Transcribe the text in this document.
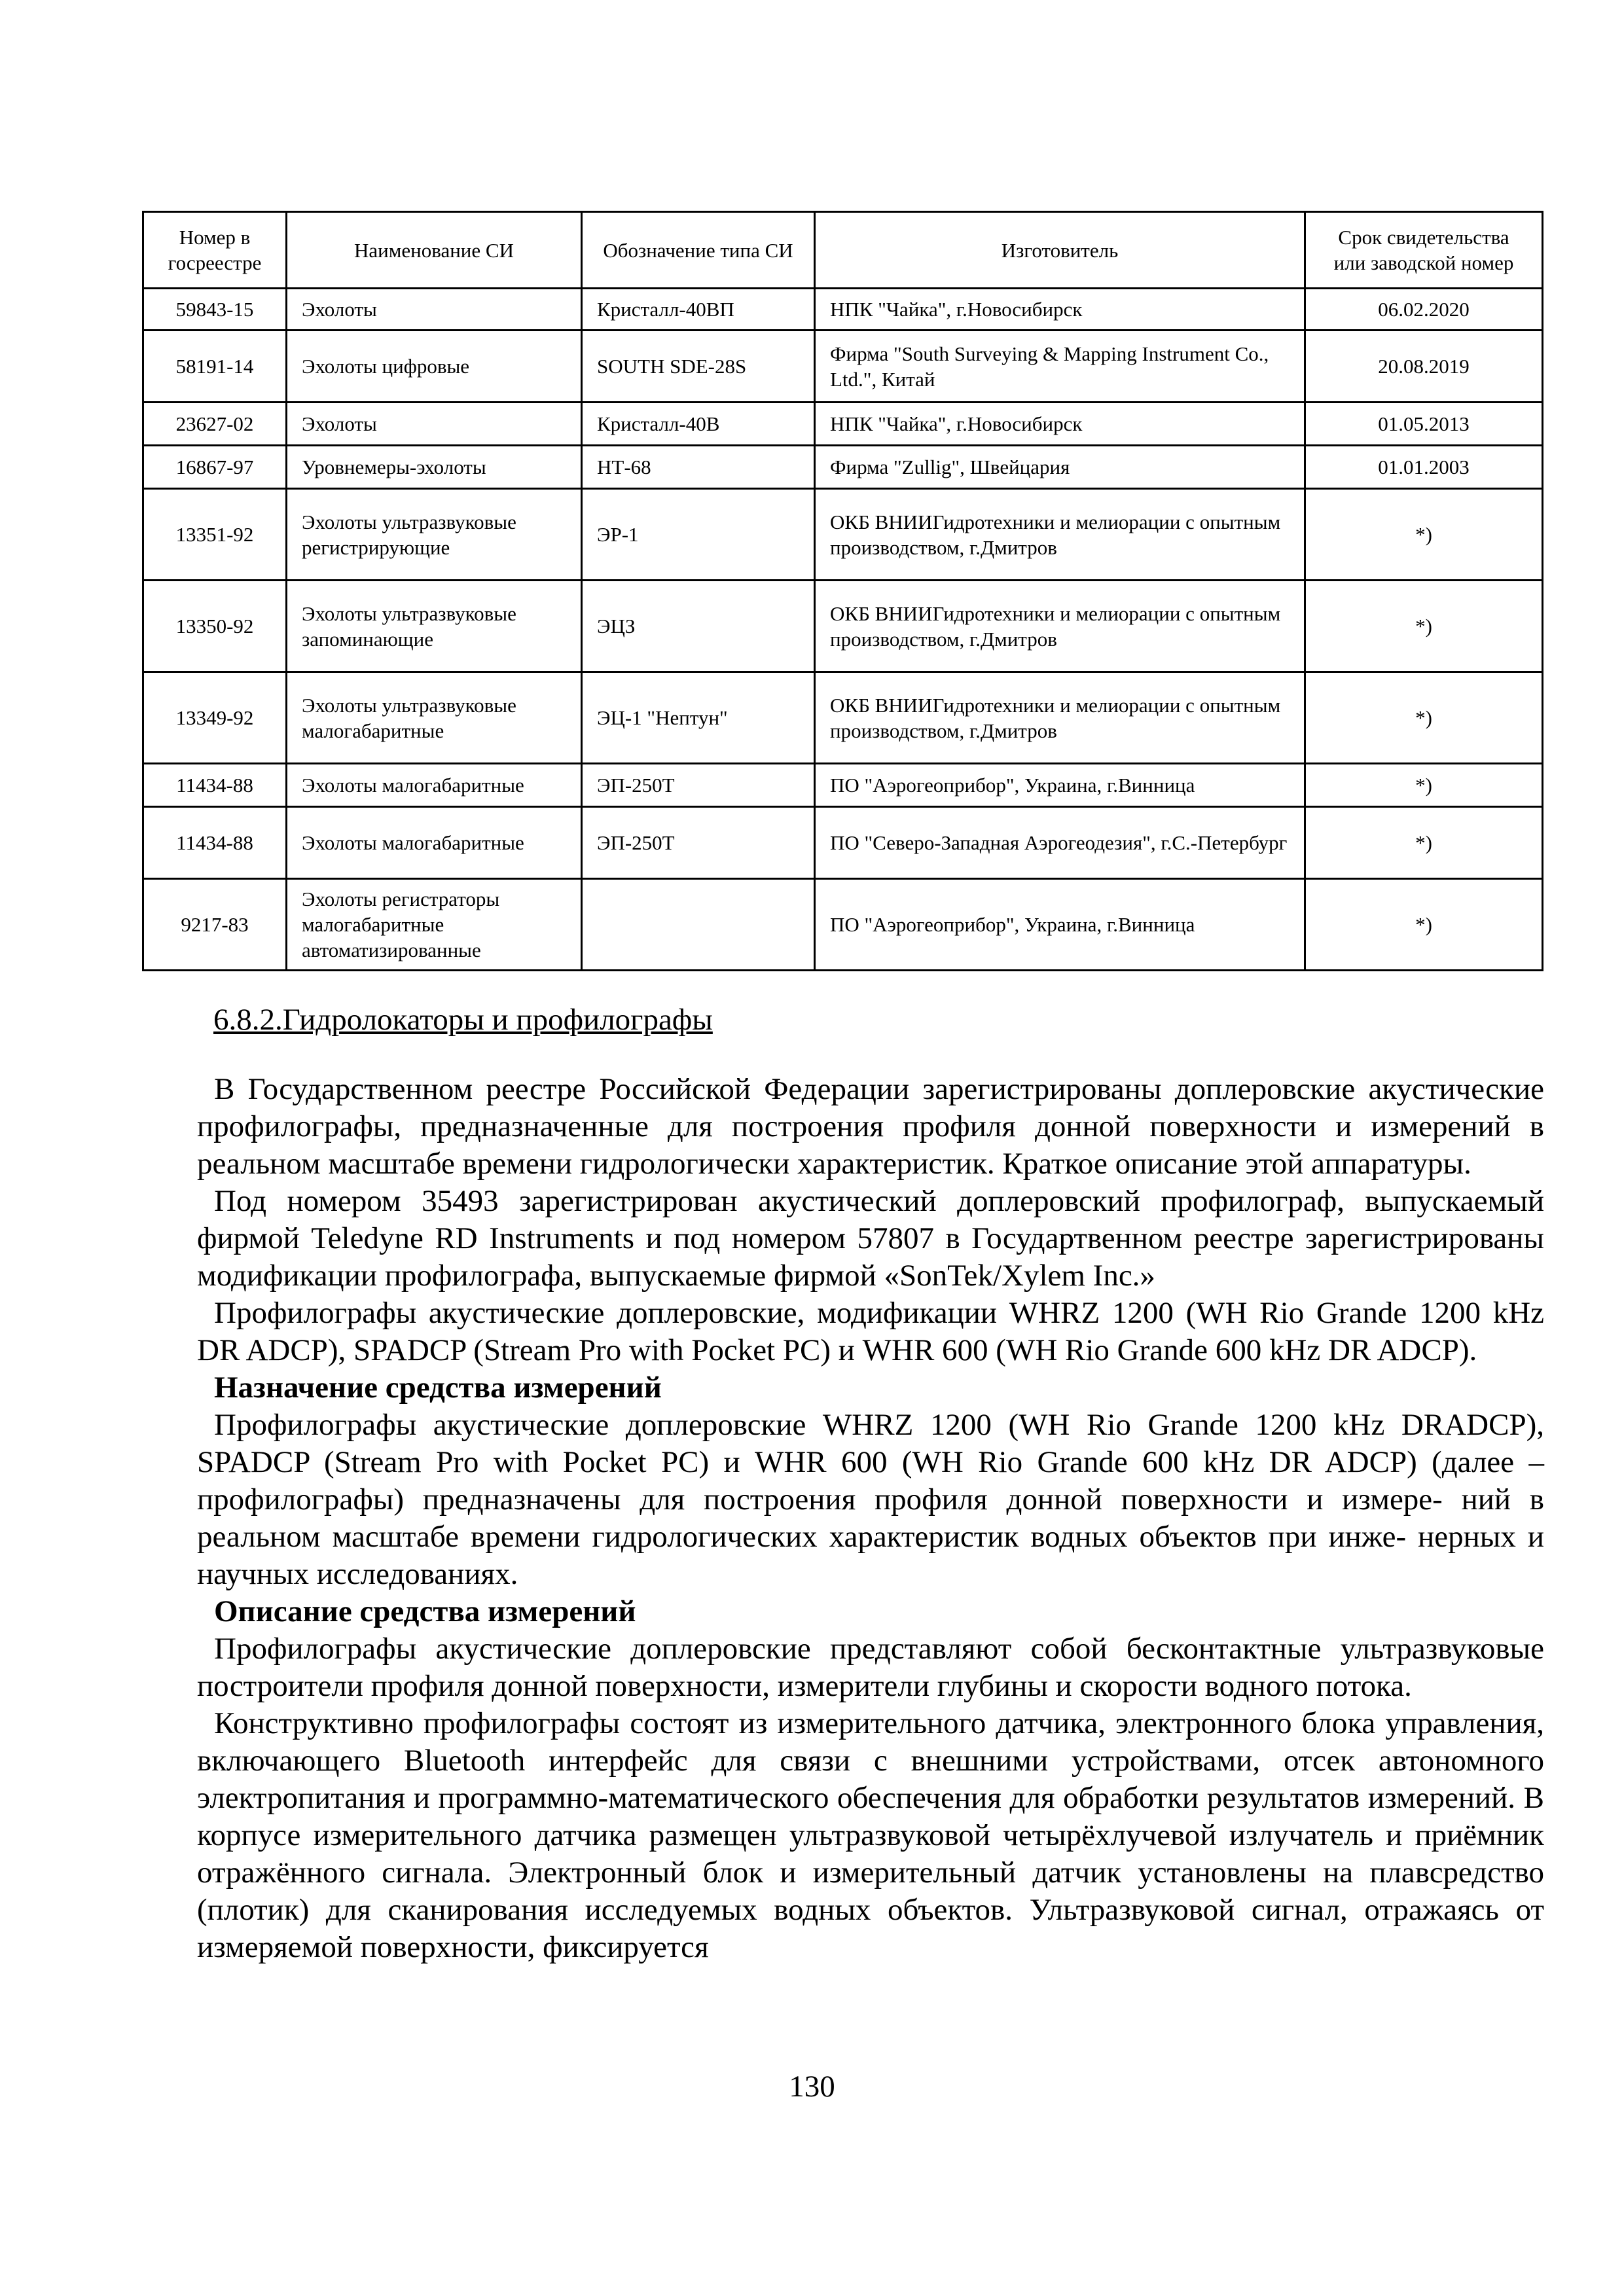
Номер в госреестре	Наименование СИ	Обозначение типа СИ	Изготовитель	Срок свидетельства или заводской номер
59843-15	Эхолоты	Кристалл-40ВП	НПК "Чайка", г.Новосибирск	06.02.2020
58191-14	Эхолоты цифровые	SOUTH SDE-28S	Фирма "South Surveying & Mapping Instrument Co., Ltd.", Китай	20.08.2019
23627-02	Эхолоты	Кристалл-40В	НПК "Чайка", г.Новосибирск	01.05.2013
16867-97	Уровнемеры-эхолоты	НТ-68	Фирма "Zullig", Швейцария	01.01.2003
13351-92	Эхолоты ультразвуковые регистрирующие	ЭР-1	ОКБ ВНИИГидротехники и мелиорации с опытным производством, г.Дмитров	*)
13350-92	Эхолоты ультразвуковые запоминающие	ЭЦЗ	ОКБ ВНИИГидротехники и мелиорации с опытным производством, г.Дмитров	*)
13349-92	Эхолоты ультразвуковые малогабаритные	ЭЦ-1 "Нептун"	ОКБ ВНИИГидротехники и мелиорации с опытным производством, г.Дмитров	*)
11434-88	Эхолоты малогабаритные	ЭП-250Т	ПО "Аэрогеоприбор", Украина, г.Винница	*)
11434-88	Эхолоты малогабаритные	ЭП-250Т	ПО "Северо-Западная Аэрогеодезия", г.С.-Петербург	*)
9217-83	Эхолоты регистраторы малогабаритные автоматизированные		ПО "Аэрогеоприбор", Украина, г.Винница	*)
6.8.2.Гидролокаторы и профилографы

В Государственном реестре Российской Федерации зарегистрированы доплеровские акустические профилографы, предназначенные для построения профиля донной поверхности и измерений в реальном масштабе времени гидрологически характеристик. Краткое описание этой аппаратуры.

Под номером 35493 зарегистрирован акустический доплеровский профилограф, выпускаемый фирмой Teledyne RD Instruments и под номером 57807 в Государтвенном реестре зарегистрированы модификации профилографа, выпускаемые фирмой «SonTek/Xylem Inc.»

Профилографы акустические доплеровские, модификации WHRZ 1200 (WH Rio Grande 1200 kHz DR ADCP), SPADCP (Stream Pro with Pocket PC) и WHR 600 (WH Rio Grande 600 kHz DR ADCP).

Назначение средства измерений

Профилографы акустические доплеровские WHRZ 1200 (WH Rio Grande 1200 kHz DRADCP), SPADCP (Stream Pro with Pocket PC) и WHR 600 (WH Rio Grande 600 kHz DR ADCP) (далее – профилографы) предназначены для построения профиля донной поверхности и измере- ний в реальном масштабе времени гидрологических характеристик водных объектов при инже- нерных и научных исследованиях.

Описание средства измерений

Профилографы акустические доплеровские представляют собой бесконтактные ультразвуковые построители профиля донной поверхности, измерители глубины и скорости водного потока.

Конструктивно профилографы состоят из измерительного датчика, электронного блока управления, включающего Bluetooth интерфейс для связи с внешними устройствами, отсек автономного электропитания и программно-математического обеспечения для обработки результатов измерений. В корпусе измерительного датчика размещен ультразвуковой четырёхлучевой излучатель и приёмник отражённого сигнала. Электронный блок и измерительный датчик установлены на плавсредство (плотик) для сканирования исследуемых водных объектов. Ультразвуковой сигнал, отражаясь от измеряемой поверхности, фиксируется

130
